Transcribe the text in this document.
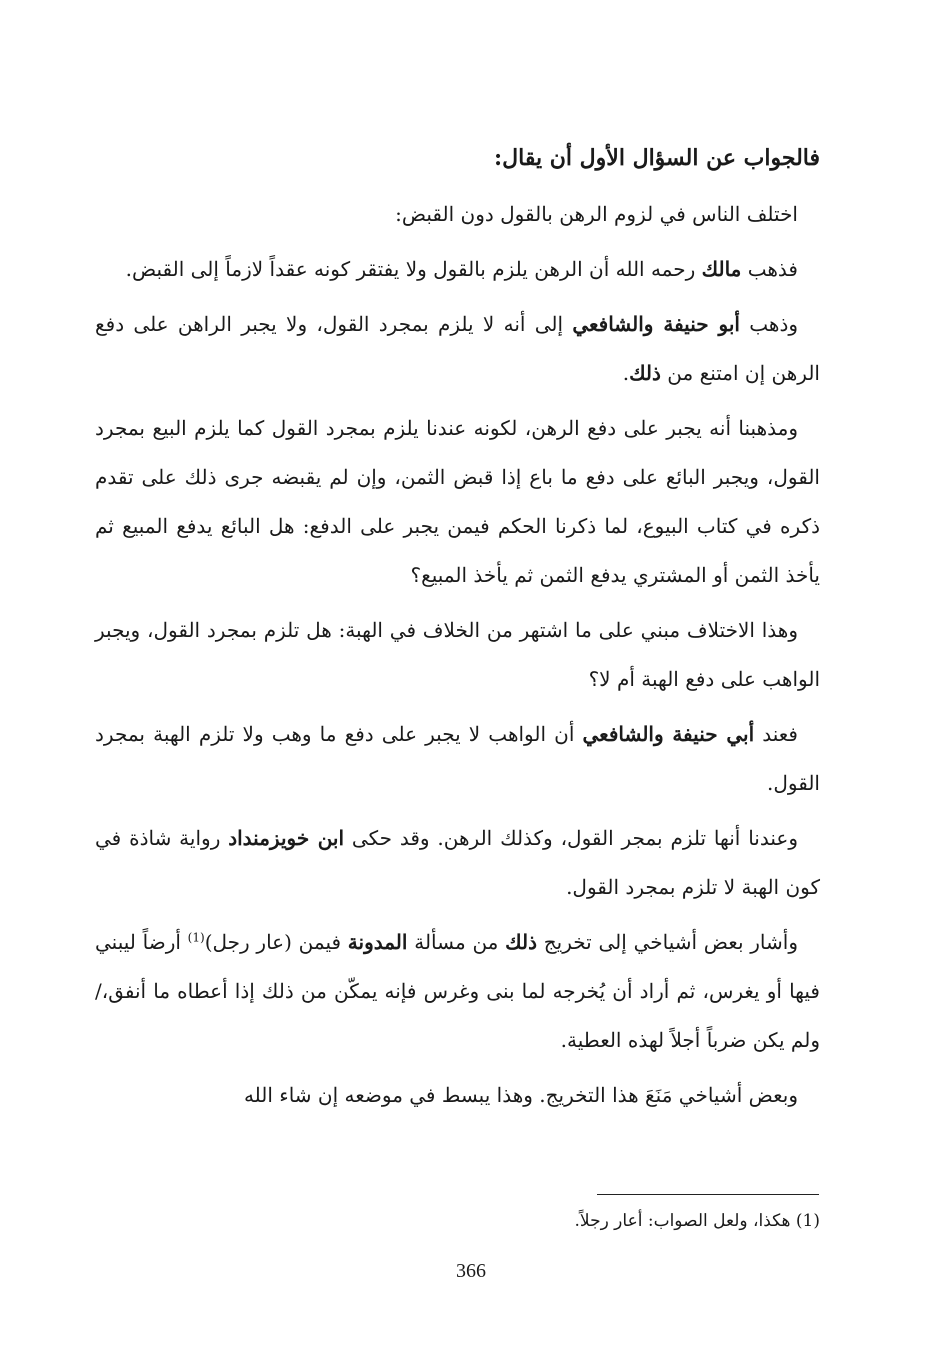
فالجواب عن السؤال الأول أن يقال:
اختلف الناس في لزوم الرهن بالقول دون القبض:
فذهب مالك رحمه الله أن الرهن يلزم بالقول ولا يفتقر كونه عقداً لازماً إلى القبض.
وذهب أبو حنيفة والشافعي إلى أنه لا يلزم بمجرد القول، ولا يجبر الراهن على دفع الرهن إن امتنع من ذلك.
ومذهبنا أنه يجبر على دفع الرهن، لكونه عندنا يلزم بمجرد القول كما يلزم البيع بمجرد القول، ويجبر البائع على دفع ما باع إذا قبض الثمن، وإن لم يقبضه جرى ذلك على تقدم ذكره في كتاب البيوع، لما ذكرنا الحكم فيمن يجبر على الدفع: هل البائع يدفع المبيع ثم يأخذ الثمن أو المشتري يدفع الثمن ثم يأخذ المبيع؟
وهذا الاختلاف مبني على ما اشتهر من الخلاف في الهبة: هل تلزم بمجرد القول، ويجبر الواهب على دفع الهبة أم لا؟
فعند أبي حنيفة والشافعي أن الواهب لا يجبر على دفع ما وهب ولا تلزم الهبة بمجرد القول.
وعندنا أنها تلزم بمجر القول، وكذلك الرهن. وقد حكى ابن خويزمنداد رواية شاذة في كون الهبة لا تلزم بمجرد القول.
وأشار بعض أشياخي إلى تخريج ذلك من مسألة المدونة فيمن (عار رجل)$^{(1)}$ أرضاً ليبني فيها أو يغرس، ثم أراد أن يُخرجه لما بنى وغرس فإنه يمكّن من ذلك إذا أعطاه ما أنفق،/ ولم يكن ضرباً أجلاً لهذه العطية.
وبعض أشياخي مَنَعَ هذا التخريج. وهذا يبسط في موضعه إن شاء الله
(1) هكذا، ولعل الصواب: أعار رجلاً.
366
